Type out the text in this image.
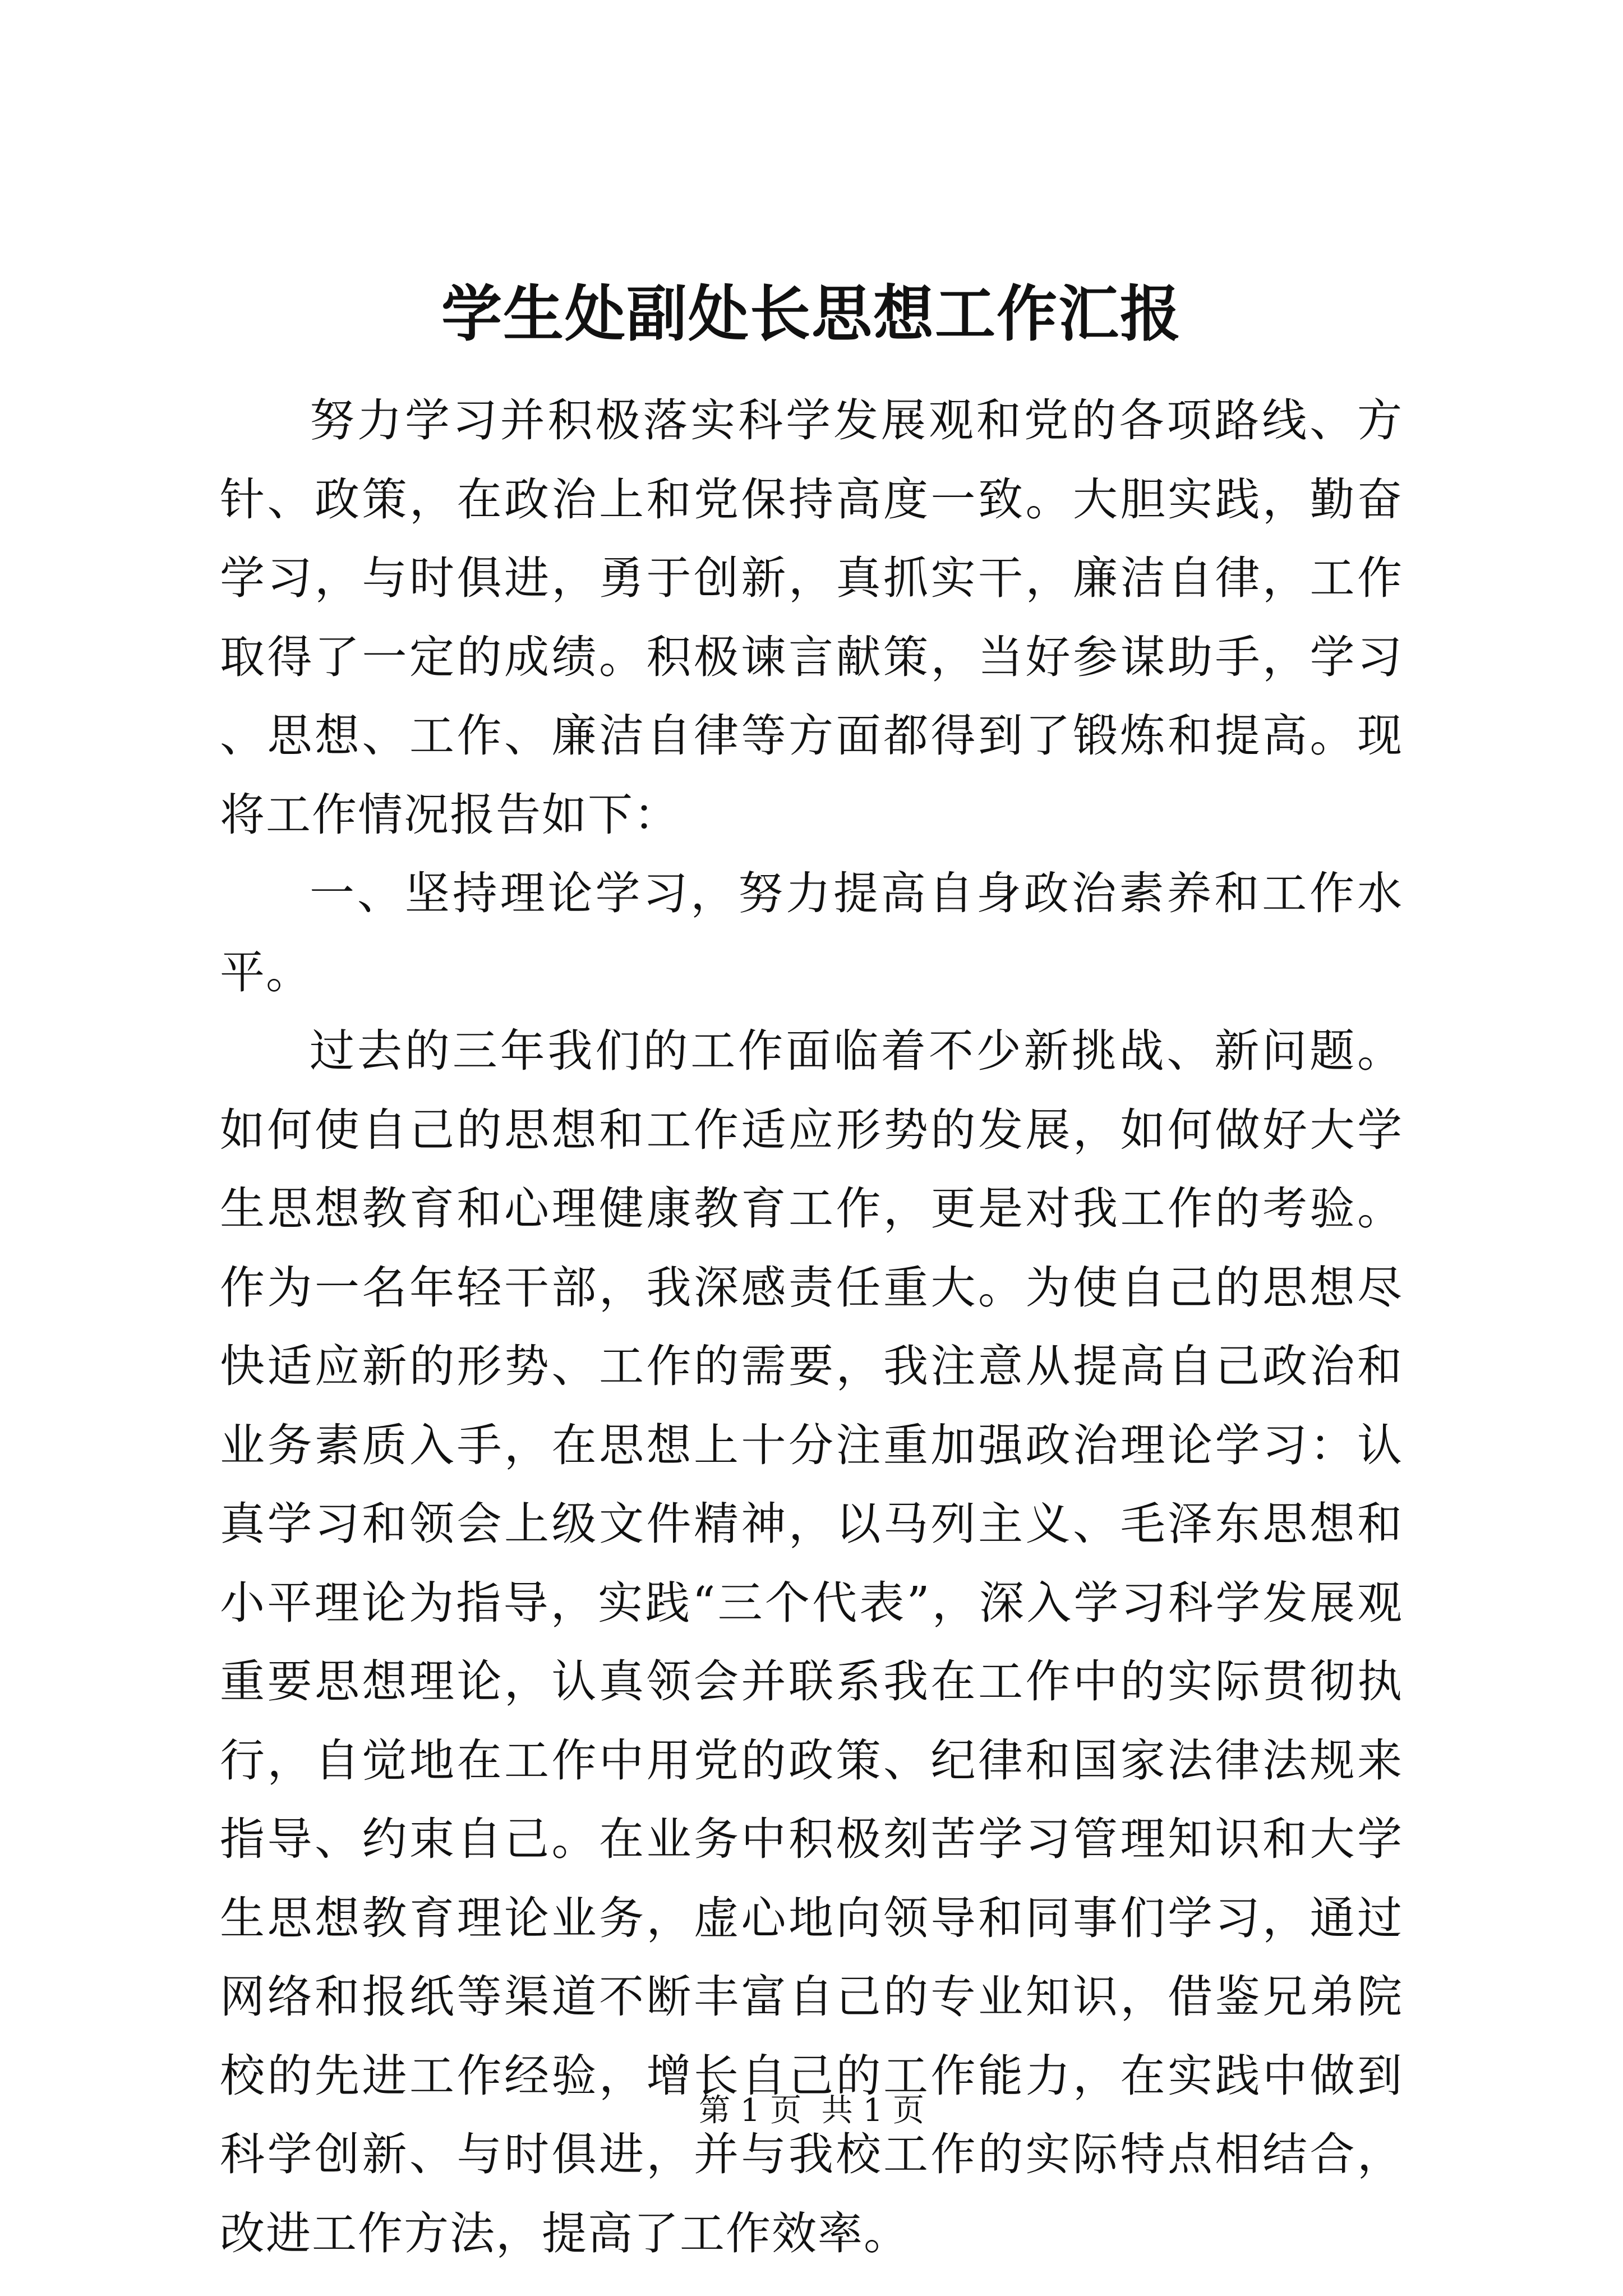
学生处副处长思想工作汇报

努力学习并积极落实科学发展观和党的各项路线、方针、政策，在政治上和党保持高度一致。大胆实践，勤奋学习，与时俱进，勇于创新，真抓实干，廉洁自律，工作取得了一定的成绩。积极谏言献策，当好参谋助手，学习、思想、工作、廉洁自律等方面都得到了锻炼和提高。现将工作情况报告如下：

一、坚持理论学习，努力提高自身政治素养和工作水平。

过去的三年我们的工作面临着不少新挑战、新问题。如何使自己的思想和工作适应形势的发展，如何做好大学生思想教育和心理健康教育工作，更是对我工作的考验。作为一名年轻干部，我深感责任重大。为使自己的思想尽快适应新的形势、工作的需要，我注意从提高自己政治和业务素质入手，在思想上十分注重加强政治理论学习：认真学习和领会上级文件精神，以马列主义、毛泽东思想和小平理论为指导，实践“三个代表”，深入学习科学发展观重要思想理论，认真领会并联系我在工作中的实际贯彻执行，自觉地在工作中用党的政策、纪律和国家法律法规来指导、约束自己。在业务中积极刻苦学习管理知识和大学生思想教育理论业务，虚心地向领导和同事们学习，通过网络和报纸等渠道不断丰富自己的专业知识，借鉴兄弟院校的先进工作经验，增长自己的工作能力，在实践中做到科学创新、与时俱进，并与我校工作的实际特点相结合，改进工作方法，提高了工作效率。

第 1 页  共 1 页
